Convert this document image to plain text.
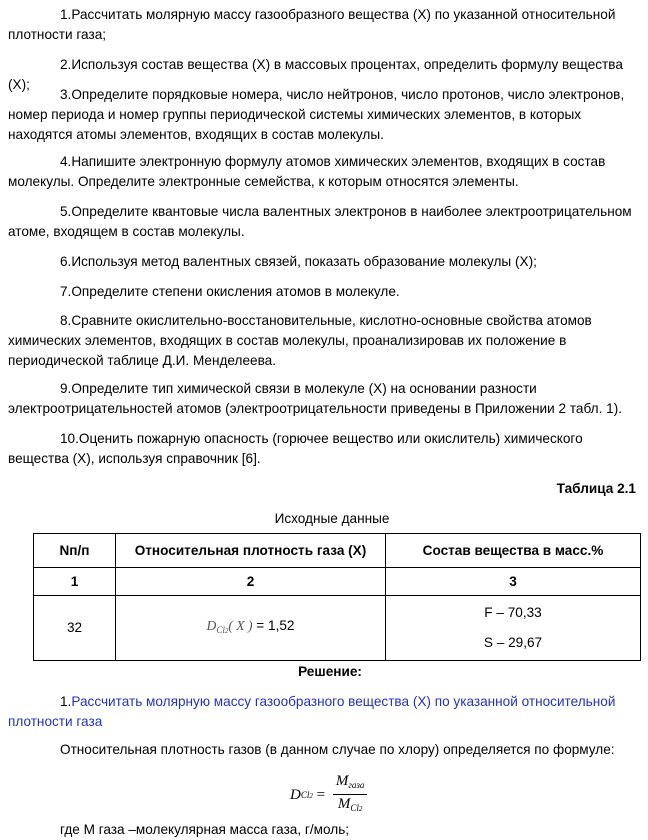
1.Рассчитать молярную массу газообразного вещества (X) по указанной относительной плотности газа;

2.Используя состав вещества (X) в массовых процентах, определить формулу вещества (X);

3.Определите порядковые номера, число нейтронов, число протонов, число электронов, номер периода и номер группы периодической системы химических элементов, в которых находятся атомы элементов, входящих в состав молекулы.

4.Напишите электронную формулу атомов химических элементов, входящих в состав молекулы. Определите электронные семейства, к которым относятся элементы.

5.Определите квантовые числа валентных электронов в наиболее электроотрицательном атоме, входящем в состав молекулы.

6.Используя метод валентных связей, показать образование молекулы (X);

7.Определите степени окисления атомов в молекуле.

8.Сравните окислительно-восстановительные, кислотно-основные свойства атомов химических элементов, входящих в состав молекулы, проанализировав их положение в периодической таблице Д.И. Менделеева.

9.Определите тип химической связи в молекуле (X) на основании разности электроотрицательностей атомов (электроотрицательности приведены в Приложении 2 табл. 1).

10.Оценить пожарную опасность (горючее вещество или окислитель) химического вещества (X), используя справочник [6].

Таблица 2.1
Исходные данные
Nп/п	Относительная плотность газа (X)	Состав вещества в масс.%
1	2	3
32	$D_{Cl2}$( X ) = 1,52	F – 70,33
S – 29,67
Решение:

1.Рассчитать молярную массу газообразного вещества (X) по указанной относительной плотности газа

Относительная плотность газов (в данном случае по хлору) определяется по формуле:

D $Cl2 = \frac{M_{газа}}{M_{Cl2}}$

где М газа –молекулярная масса газа, г/моль;
